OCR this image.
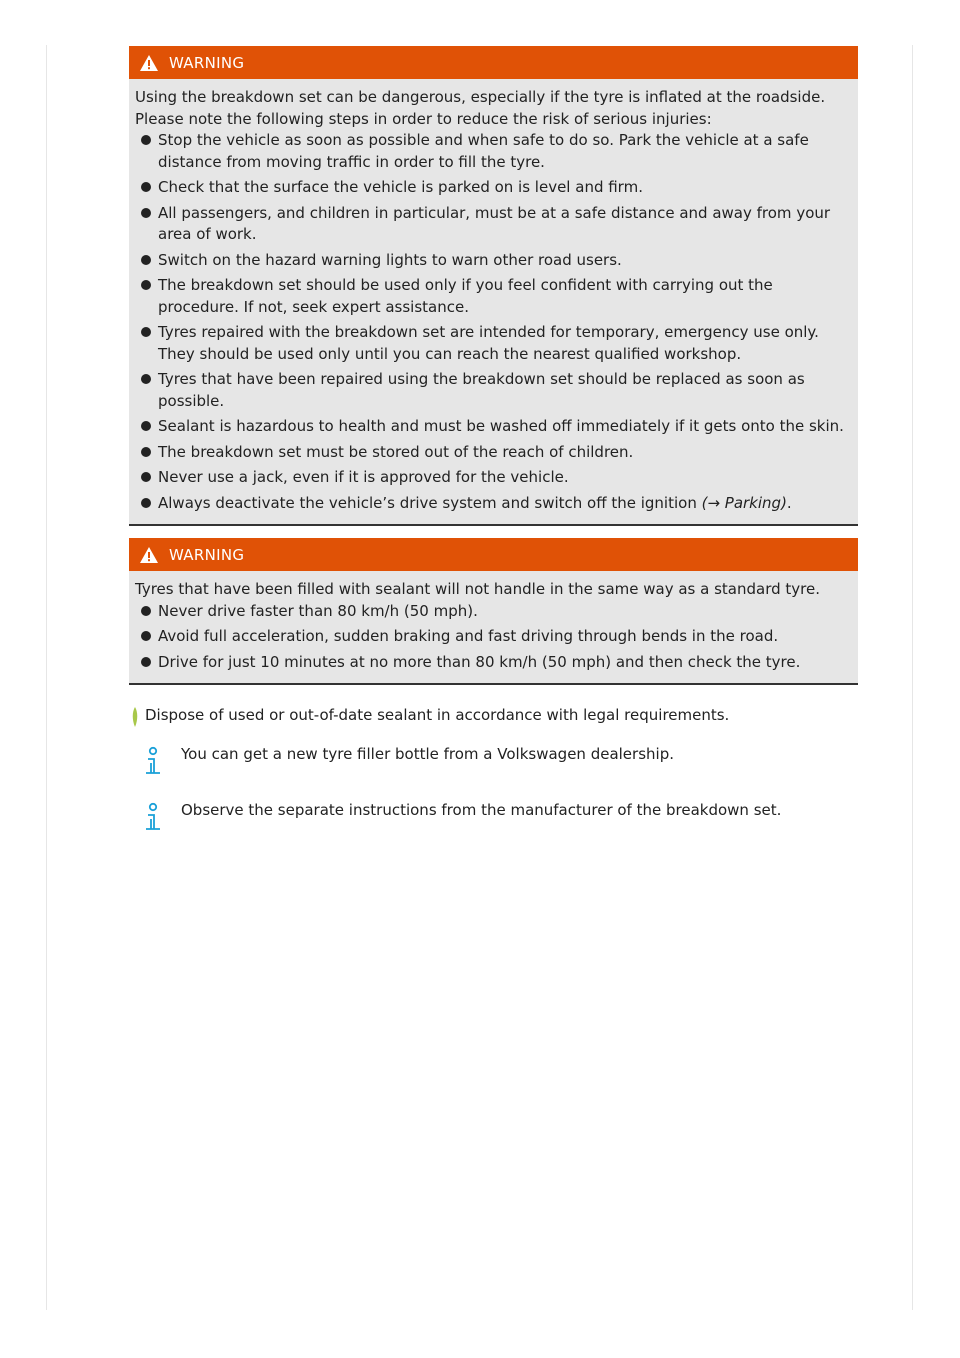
WARNING

Using the breakdown set can be dangerous, especially if the tyre is inflated at the roadside. Please note the following steps in order to reduce the risk of serious injuries:

Stop the vehicle as soon as possible and when safe to do so. Park the vehicle at a safe distance from moving traffic in order to fill the tyre.
Check that the surface the vehicle is parked on is level and firm.
All passengers, and children in particular, must be at a safe distance and away from your area of work.
Switch on the hazard warning lights to warn other road users.
The breakdown set should be used only if you feel confident with carrying out the procedure. If not, seek expert assistance.
Tyres repaired with the breakdown set are intended for temporary, emergency use only. They should be used only until you can reach the nearest qualified workshop.
Tyres that have been repaired using the breakdown set should be replaced as soon as possible.
Sealant is hazardous to health and must be washed off immediately if it gets onto the skin.
The breakdown set must be stored out of the reach of children.
Never use a jack, even if it is approved for the vehicle.
Always deactivate the vehicle’s drive system and switch off the ignition (→ Parking).
WARNING

Tyres that have been filled with sealant will not handle in the same way as a standard tyre.

Never drive faster than 80 km/h (50 mph).
Avoid full acceleration, sudden braking and fast driving through bends in the road.
Drive for just 10 minutes at no more than 80 km/h (50 mph) and then check the tyre.
Dispose of used or out-of-date sealant in accordance with legal requirements.

You can get a new tyre filler bottle from a Volkswagen dealership.

Observe the separate instructions from the manufacturer of the breakdown set.
